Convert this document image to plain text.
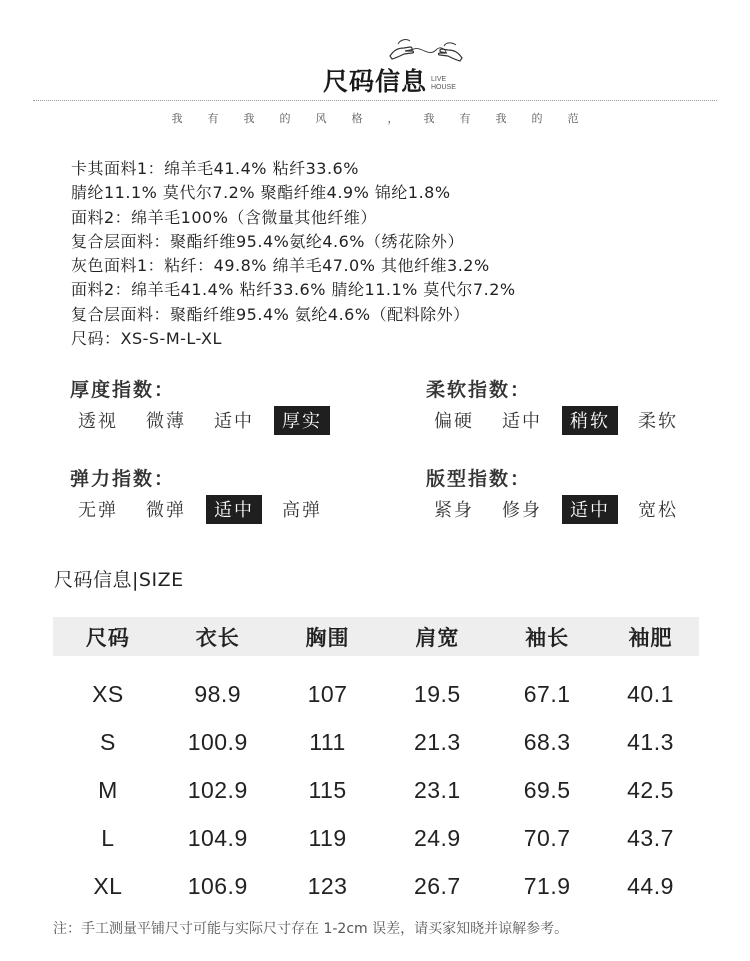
尺码信息 LIVE
HOUSE
我有我的风格，我有我的范
卡其面料1：绵羊毛41.4% 粘纤33.6%
腈纶11.1% 莫代尔7.2% 聚酯纤维4.9% 锦纶1.8%
面料2：绵羊毛100%（含微量其他纤维）
复合层面料：聚酯纤维95.4%氨纶4.6%（绣花除外）
灰色面料1：粘纤：49.8% 绵羊毛47.0% 其他纤维3.2%
面料2：绵羊毛41.4% 粘纤33.6% 腈纶11.1% 莫代尔7.2%
复合层面料：聚酯纤维95.4% 氨纶4.6%（配料除外）
尺码：XS-S-M-L-XL
厚度指数：
透视	微薄	适中	厚实
柔软指数：
偏硬	适中	稍软	柔软
弹力指数：
无弹	微弹	适中	高弹
版型指数：
紧身	修身	适中	宽松
尺码信息|SIZE
尺码	衣长	胸围	肩宽	袖长	袖肥

XS	98.9	107	19.5	67.1	40.1
S	100.9	111	21.3	68.3	41.3
M	102.9	115	23.1	69.5	42.5
L	104.9	119	24.9	70.7	43.7
XL	106.9	123	26.7	71.9	44.9
注：手工测量平铺尺寸可能与实际尺寸存在 1-2cm 误差，请买家知晓并谅解参考。
